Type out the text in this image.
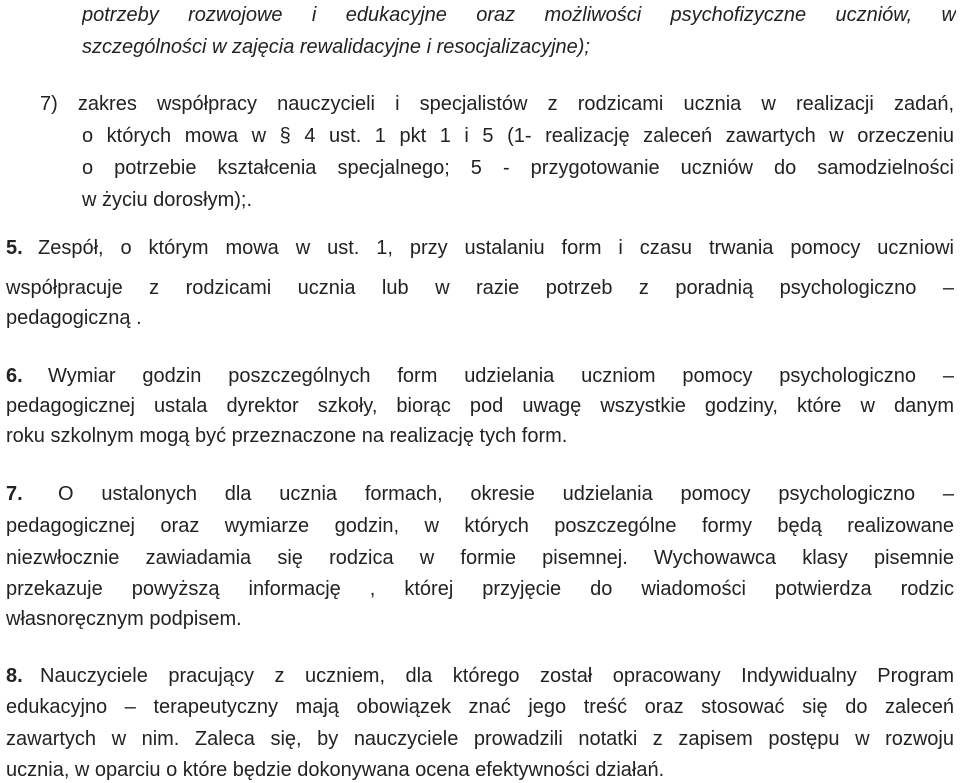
potrzeby rozwojowe i edukacyjne oraz możliwości psychofizyczne uczniów, w
szczególności w zajęcia rewalidacyjne i resocjalizacyjne);
7) zakres współpracy nauczycieli i specjalistów z rodzicami ucznia w realizacji zadań,
o których mowa w § 4 ust. 1 pkt 1 i 5 (1- realizację zaleceń zawartych w orzeczeniu
o potrzebie kształcenia specjalnego; 5 - przygotowanie uczniów do samodzielności
w życiu dorosłym);.
5. Zespół, o którym mowa w ust. 1, przy ustalaniu form i czasu trwania pomocy uczniowi
współpracuje z rodzicami ucznia lub w razie potrzeb z poradnią psychologiczno –
pedagogiczną .
6. Wymiar godzin poszczególnych form udzielania uczniom pomocy psychologiczno –
pedagogicznej ustala dyrektor szkoły, biorąc pod uwagę wszystkie godziny, które w danym
roku szkolnym mogą być przeznaczone na realizację tych form.
7. O ustalonych dla ucznia formach, okresie udzielania pomocy psychologiczno –
pedagogicznej oraz wymiarze godzin, w których poszczególne formy będą realizowane
niezwłocznie zawiadamia się rodzica w formie pisemnej. Wychowawca klasy pisemnie
przekazuje powyższą informację , której przyjęcie do wiadomości potwierdza rodzic
własnoręcznym podpisem.
8. Nauczyciele pracujący z uczniem, dla którego został opracowany Indywidualny Program
edukacyjno – terapeutyczny mają obowiązek znać jego treść oraz stosować się do zaleceń
zawartych w nim. Zaleca się, by nauczyciele prowadzili notatki z zapisem postępu w rozwoju
ucznia, w oparciu o które będzie dokonywana ocena efektywności działań.
